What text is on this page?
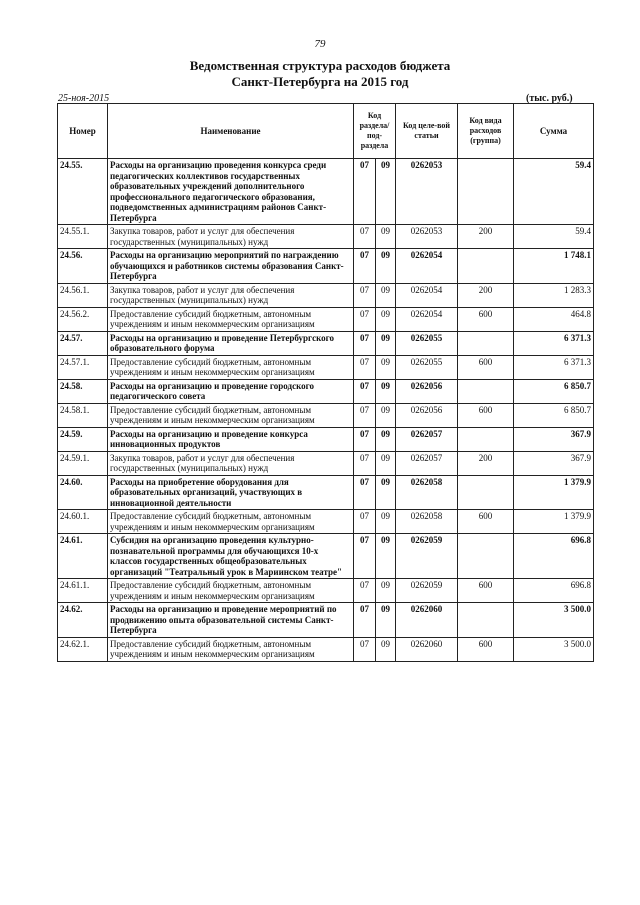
79
Ведомственная структура расходов бюджета
Санкт-Петербурга на 2015 год
25-ноя-2015	(тыс. руб.)
Номер	Наименование	Код раздела/ под-раздела		Код целе-вой статьи	Код вида расходов (группа)	Сумма
24.55.	Расходы на организацию проведения конкурса среди педагогических коллективов государственных образовательных учреждений дополнительного профессионального педагогического образования, подведомственных администрациям районов Санкт-Петербурга	07	09	0262053		59.4
24.55.1.	Закупка товаров, работ и услуг для обеспечения государственных (муниципальных) нужд	07	09	0262053	200	59.4
24.56.	Расходы на организацию мероприятий по награждению обучающихся и работников системы образования Санкт-Петербурга	07	09	0262054		1 748.1
24.56.1.	Закупка товаров, работ и услуг для обеспечения государственных (муниципальных) нужд	07	09	0262054	200	1 283.3
24.56.2.	Предоставление субсидий бюджетным, автономным учреждениям и иным некоммерческим организациям	07	09	0262054	600	464.8
24.57.	Расходы на организацию и проведение Петербургского образовательного форума	07	09	0262055		6 371.3
24.57.1.	Предоставление субсидий бюджетным, автономным учреждениям и иным некоммерческим организациям	07	09	0262055	600	6 371.3
24.58.	Расходы на организацию и проведение городского педагогического совета	07	09	0262056		6 850.7
24.58.1.	Предоставление субсидий бюджетным, автономным учреждениям и иным некоммерческим организациям	07	09	0262056	600	6 850.7
24.59.	Расходы на организацию и проведение конкурса инновационных продуктов	07	09	0262057		367.9
24.59.1.	Закупка товаров, работ и услуг для обеспечения государственных (муниципальных) нужд	07	09	0262057	200	367.9
24.60.	Расходы на приобретение оборудования для образовательных организаций, участвующих в инновационной деятельности	07	09	0262058		1 379.9
24.60.1.	Предоставление субсидий бюджетным, автономным учреждениям и иным некоммерческим организациям	07	09	0262058	600	1 379.9
24.61.	Субсидия на организацию проведения культурно-познавательной программы для обучающихся 10-х классов государственных общеобразовательных организаций "Театральный урок в Мариинском театре"	07	09	0262059		696.8
24.61.1.	Предоставление субсидий бюджетным, автономным учреждениям и иным некоммерческим организациям	07	09	0262059	600	696.8
24.62.	Расходы на организацию и проведение мероприятий по продвижению опыта образовательной системы Санкт-Петербурга	07	09	0262060		3 500.0
24.62.1.	Предоставление субсидий бюджетным, автономным учреждениям и иным некоммерческим организациям	07	09	0262060	600	3 500.0
